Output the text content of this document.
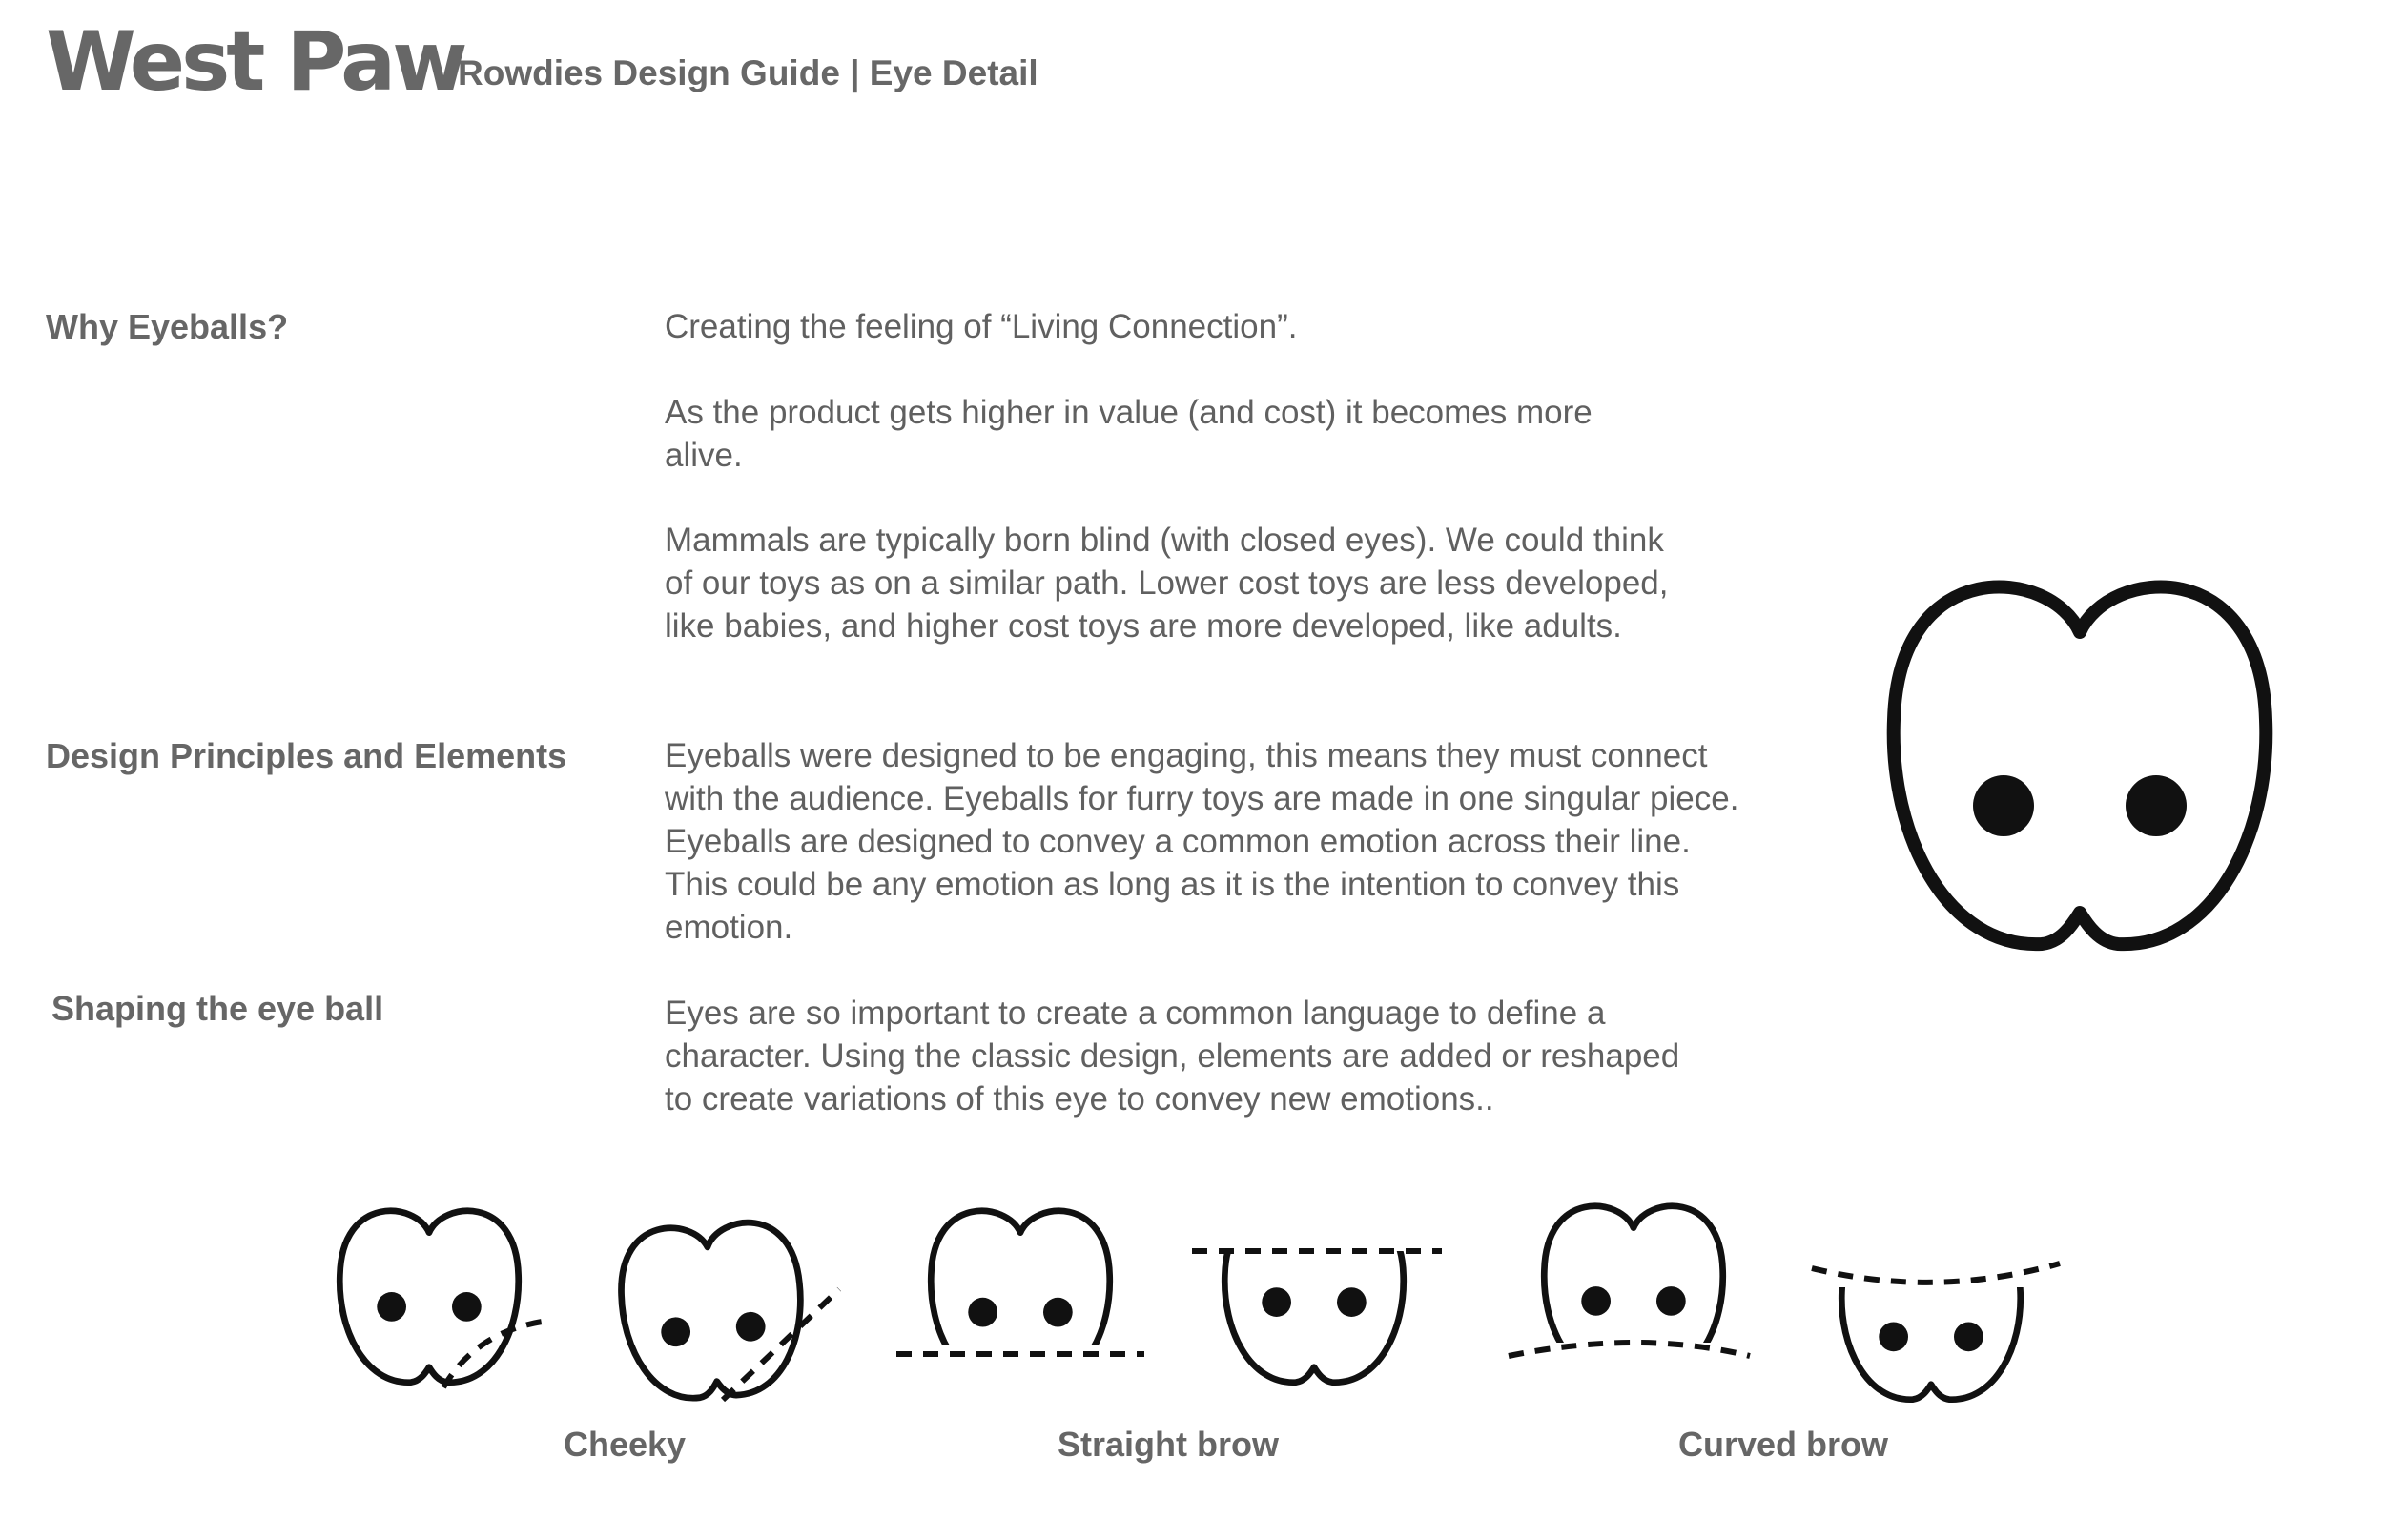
West Paw
Rowdies Design Guide | Eye Detail
Why Eyeballs?	Creating the feeling of “Living Connection”.

As the product gets higher in value (and cost) it becomes more alive.

Mammals are typically born blind (with closed eyes). We could think of our toys as on a similar path. Lower cost toys are less developed, like babies, and higher cost toys are more developed, like adults.

Design Principles and Elements	Eyeballs were designed to be engaging, this means they must connect with the audience. Eyeballs for furry toys are made in one singular piece. Eyeballs are designed to convey a common emotion across their line. This could be any emotion as long as it is the intention to convey this emotion.

Shaping the eye ball	Eyes are so important to create a common language to define a character. Using the classic design, elements are added or reshaped to create variations of this eye to convey new emotions..

Cheeky	Straight brow	Curved brow
